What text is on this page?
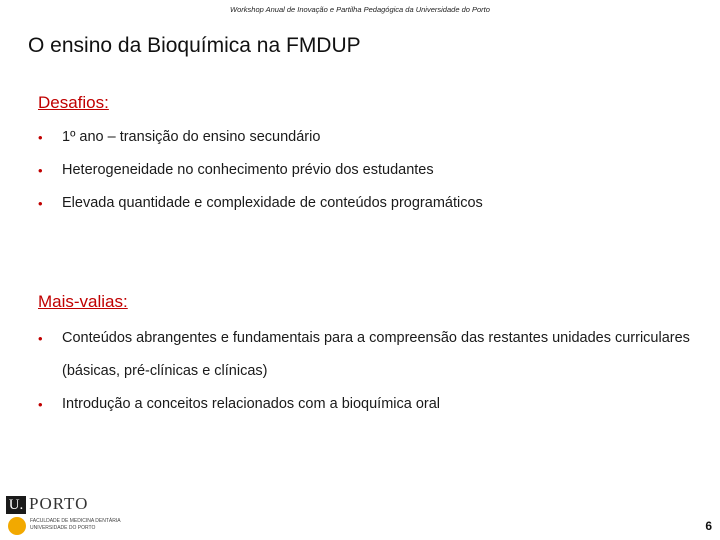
Workshop Anual de Inovação e Partilha Pedagógica da Universidade do Porto
O ensino da Bioquímica na FMDUP
Desafios:
• 1º ano – transição do ensino secundário
• Heterogeneidade no conhecimento prévio dos estudantes
• Elevada quantidade e complexidade de conteúdos programáticos
Mais-valias:
• Conteúdos abrangentes e fundamentais para a compreensão das restantes unidades curriculares (básicas, pré-clínicas e clínicas)
• Introdução a conceitos relacionados com a bioquímica oral
U. PORTO
FACULDADE DE MEDICINA DENTÁRIA
UNIVERSIDADE DO PORTO	6
